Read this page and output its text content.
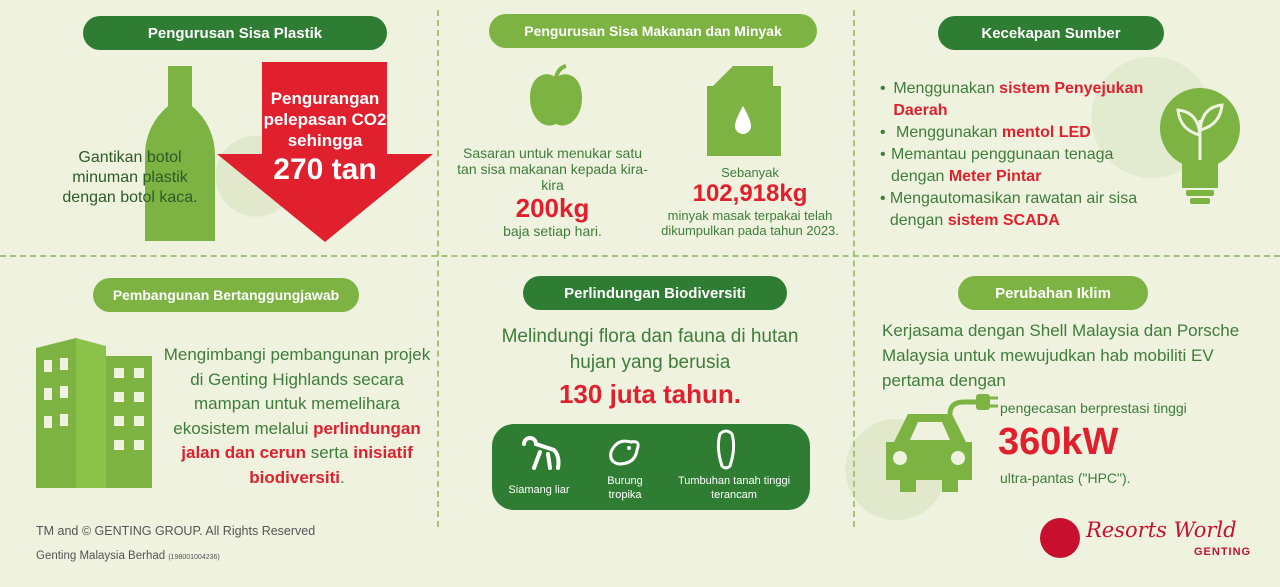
Pengurusan Sisa Plastik
Gantikan botol minuman plastik dengan botol kaca.
Pengurangan
pelepasan CO2
sehingga
270 tan
Pengurusan Sisa Makanan dan Minyak
Sasaran untuk menukar satu tan sisa makanan kepada kira-kira
200kg
baja setiap hari.
Sebanyak
102,918kg
minyak masak terpakai telah dikumpulkan pada tahun 2023.
Kecekapan Sumber
• Menggunakan sistem Penyejukan Daerah
• Menggunakan mentol LED
• Memantau penggunaan tenaga dengan Meter Pintar
• Mengautomasikan rawatan air sisa dengan sistem SCADA
Pembangunan Bertanggungjawab
Mengimbangi pembangunan projek di Genting Highlands secara mampan untuk memelihara ekosistem melalui perlindungan jalan dan cerun serta inisiatif biodiversiti.
Perlindungan Biodiversiti
Melindungi flora dan fauna di hutan hujan yang berusia
130 juta tahun.
Siamang liar
Burung tropika
Tumbuhan tanah tinggi terancam
Perubahan Iklim
Kerjasama dengan Shell Malaysia dan Porsche Malaysia untuk mewujudkan hab mobiliti EV pertama dengan
pengecasan berprestasi tinggi
360kW
ultra-pantas ("HPC").
TM and © GENTING GROUP. All Rights Reserved
Genting Malaysia Berhad (198001004236)
Resorts World
GENTING
